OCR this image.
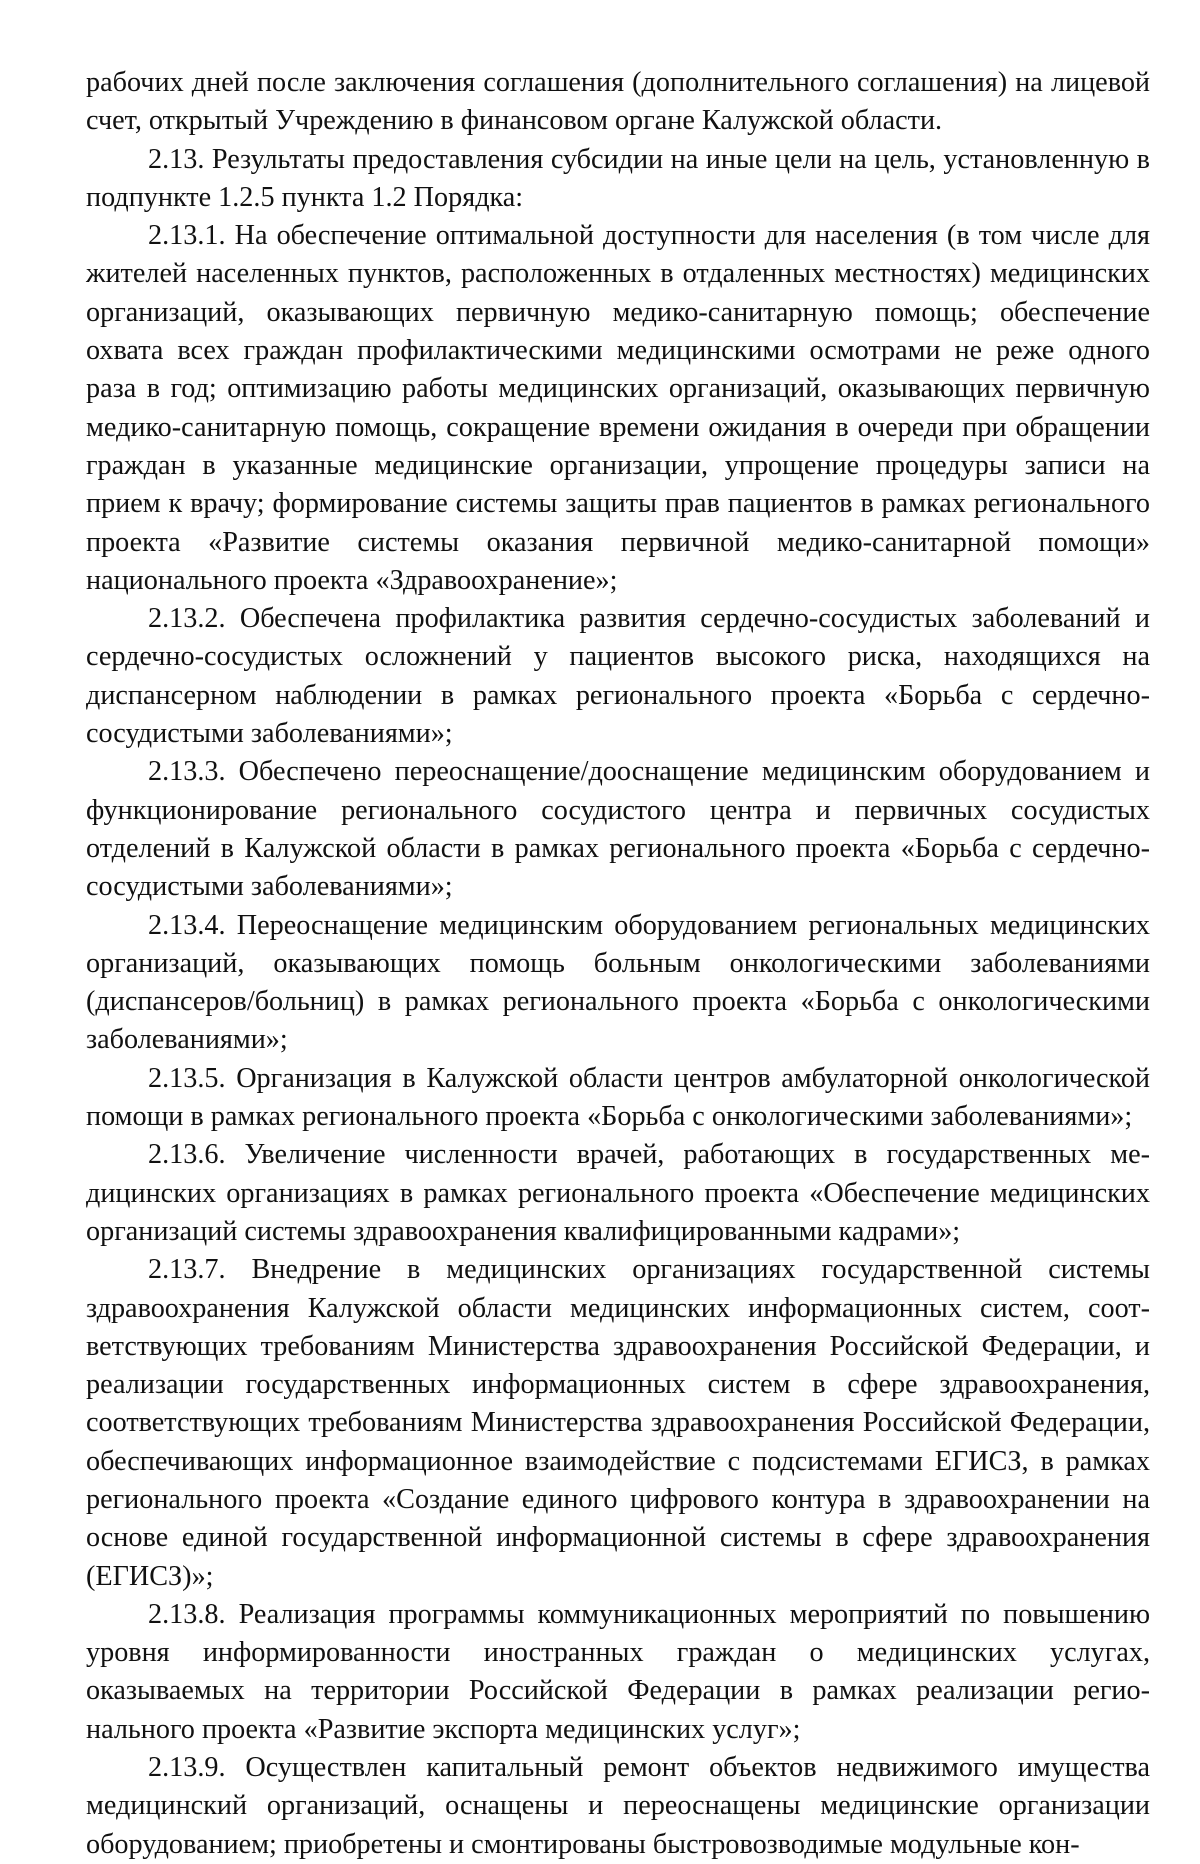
рабочих дней после заключения соглашения (дополнительного соглашения) на лицевой счет, открытый Учреждению в финансовом органе Калужской области.

2.13. Результаты предоставления субсидии на иные цели на цель, установленную в подпункте 1.2.5 пункта 1.2 Порядка:

2.13.1. На обеспечение оптимальной доступности для населения (в том числе для жителей населенных пунктов, расположенных в отдаленных местностях) медицинских организаций, оказывающих первичную медико-санитарную помощь; обеспечение охвата всех граждан профилактическими медицинскими осмотрами не реже одного раза в год; оптимизацию работы медицинских организаций, оказывающих первичную медико-санитарную помощь, сокращение времени ожидания в очереди при обращении граждан в указанные медицинские организации, упрощение процедуры записи на прием к врачу; формирование системы защиты прав пациентов в рамках регионального проекта «Развитие системы оказания первичной медико-санитарной помощи» национального проекта «Здравоохранение»;

2.13.2. Обеспечена профилактика развития сердечно-сосудистых заболеваний и сердечно-сосудистых осложнений у пациентов высокого риска, находящихся на диспансерном наблюдении в рамках регионального проекта «Борьба с сердечно-сосудистыми заболеваниями»;

2.13.3. Обеспечено переоснащение/дооснащение медицинским оборудованием и функционирование регионального сосудистого центра и первичных сосудистых отделений в Калужской области в рамках регионального проекта «Борьба с сердечно-сосудистыми заболеваниями»;

2.13.4. Переоснащение медицинским оборудованием региональных медицинских организаций, оказывающих помощь больным онкологическими заболеваниями (диспансеров/больниц) в рамках регионального проекта «Борьба с онкологическими заболеваниями»;

2.13.5. Организация в Калужской области центров амбулаторной онкологической помощи в рамках регионального проекта «Борьба с онкологическими заболеваниями»;

2.13.6. Увеличение численности врачей, работающих в государственных медицинских организациях в рамках регионального проекта «Обеспечение медицинских организаций системы здравоохранения квалифицированными кадрами»;

2.13.7. Внедрение в медицинских организациях государственной системы здравоохранения Калужской области медицинских информационных систем, соответствующих требованиям Министерства здравоохранения Российской Федерации, и реализации государственных информационных систем в сфере здравоохранения, соответствующих требованиям Министерства здравоохранения Российской Федерации, обеспечивающих информационное взаимодействие с подсистемами ЕГИСЗ, в рамках регионального проекта «Создание единого цифрового контура в здравоохранении на основе единой государственной информационной системы в сфере здравоохранения (ЕГИСЗ)»;

2.13.8. Реализация программы коммуникационных мероприятий по повышению уровня информированности иностранных граждан о медицинских услугах, оказываемых на территории Российской Федерации в рамках реализации регионального проекта «Развитие экспорта медицинских услуг»;

2.13.9. Осуществлен капитальный ремонт объектов недвижимого имущества медицинский организаций, оснащены и переоснащены медицинские организации оборудованием; приобретены и смонтированы быстровозводимые модульные кон-
